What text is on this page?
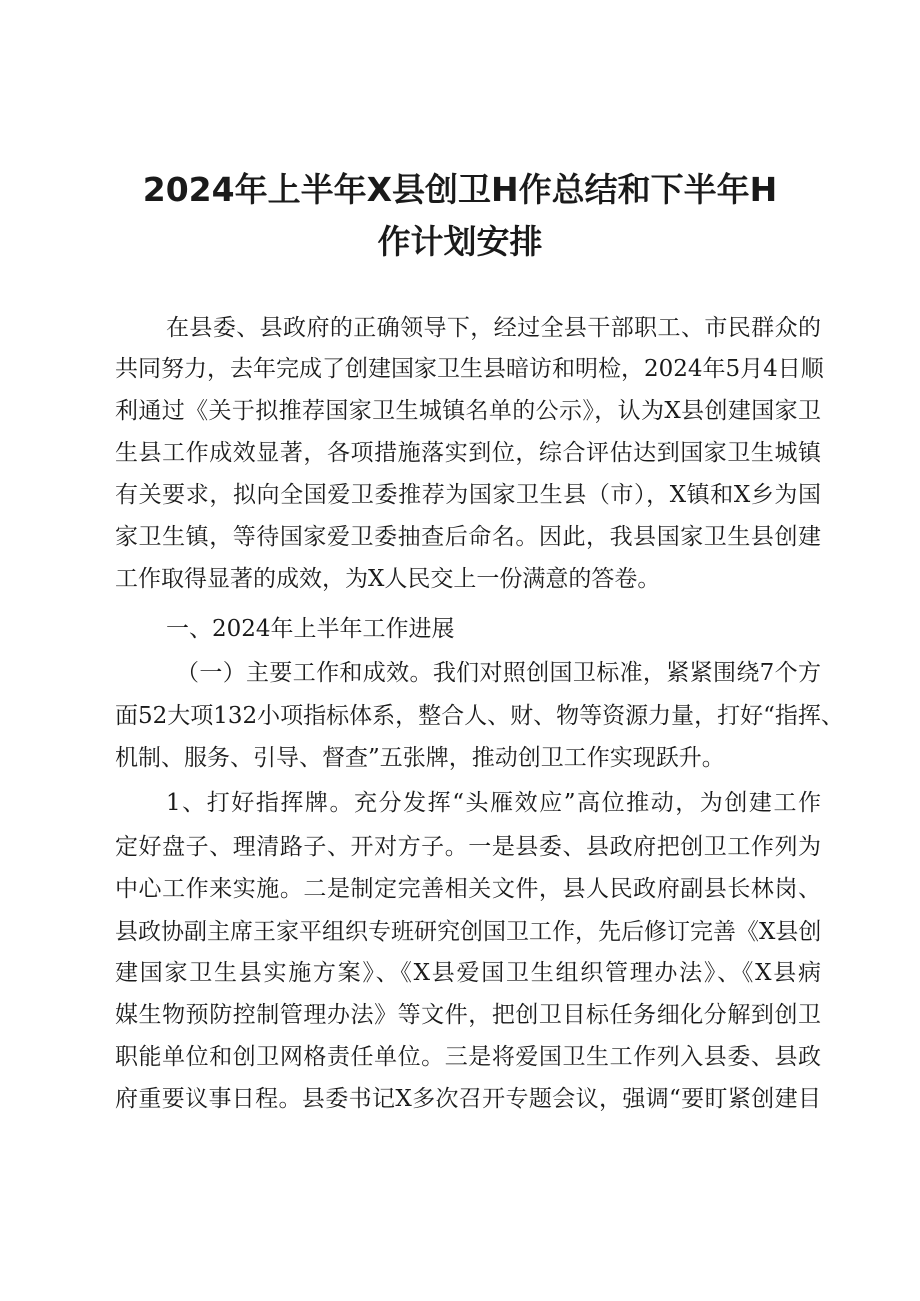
2024年上半年X县创卫H作总结和下半年H
作计划安排

在县委、县政府的正确领导下，经过全县干部职工、市民群众的

共同努力，去年完成了创建国家卫生县暗访和明检，2024年5月4日顺

利通过《关于拟推荐国家卫生城镇名单的公示》，认为X县创建国家卫

生县工作成效显著，各项措施落实到位，综合评估达到国家卫生城镇

有关要求，拟向全国爱卫委推荐为国家卫生县（市），X镇和X乡为国

家卫生镇，等待国家爱卫委抽查后命名。因此，我县国家卫生县创建

工作取得显著的成效，为X人民交上一份满意的答卷。

一、2024年上半年工作进展

（一）主要工作和成效。我们对照创国卫标准，紧紧围绕7个方

面52大项132小项指标体系，整合人、财、物等资源力量，打好“指挥、

机制、服务、引导、督查”五张牌，推动创卫工作实现跃升。

1、打好指挥牌。充分发挥“头雁效应”高位推动，为创建工作

定好盘子、理清路子、开对方子。一是县委、县政府把创卫工作列为

中心工作来实施。二是制定完善相关文件，县人民政府副县长林岗、

县政协副主席王家平组织专班研究创国卫工作，先后修订完善《X县创

建国家卫生县实施方案》、《X县爱国卫生组织管理办法》、《X县病

媒生物预防控制管理办法》等文件，把创卫目标任务细化分解到创卫

职能单位和创卫网格责任单位。三是将爱国卫生工作列入县委、县政

府重要议事日程。县委书记X多次召开专题会议，强调“要盯紧创建目
